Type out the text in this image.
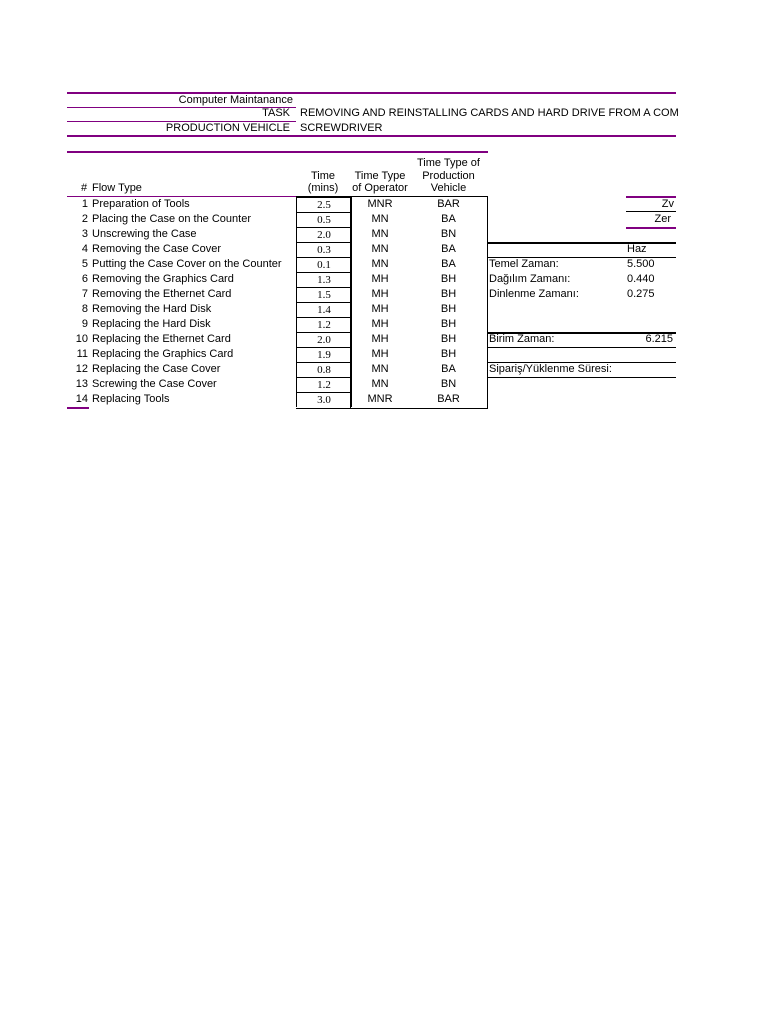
Computer Maintanance
TASK REMOVING AND REINSTALLING CARDS AND HARD DRIVE FROM A COM
PRODUCTION VEHICLE SCREWDRIVER
# Flow Type
Time
(mins)
Time Type
of Operator
Time Type of
Production
Vehicle
1 Preparation of Tools	2.5	MNR	BAR
2 Placing the Case on the Counter	0.5	MN	BA
3 Unscrewing the Case	2.0	MN	BN
4 Removing the Case Cover	0.3	MN	BA
5 Putting the Case Cover on the Counter	0.1	MN	BA
6 Removing the Graphics Card	1.3	MH	BH
7 Removing the Ethernet Card	1.5	MH	BH
8 Removing the Hard Disk	1.4	MH	BH
9 Replacing the Hard Disk	1.2	MH	BH
10 Replacing the Ethernet Card	2.0	MH	BH
11 Replacing the Graphics Card	1.9	MH	BH
12 Replacing the Case Cover	0.8	MN	BA
13 Screwing the Case Cover	1.2	MN	BN
14 Replacing Tools	3.0	MNR	BAR
Zv
Zer
Haz
Temel Zaman:	5.500
Dağılım Zamanı:	0.440
Dinlenme Zamanı:	0.275
Birim Zaman:	6.215
Sipariş/Yüklenme Süresi:
